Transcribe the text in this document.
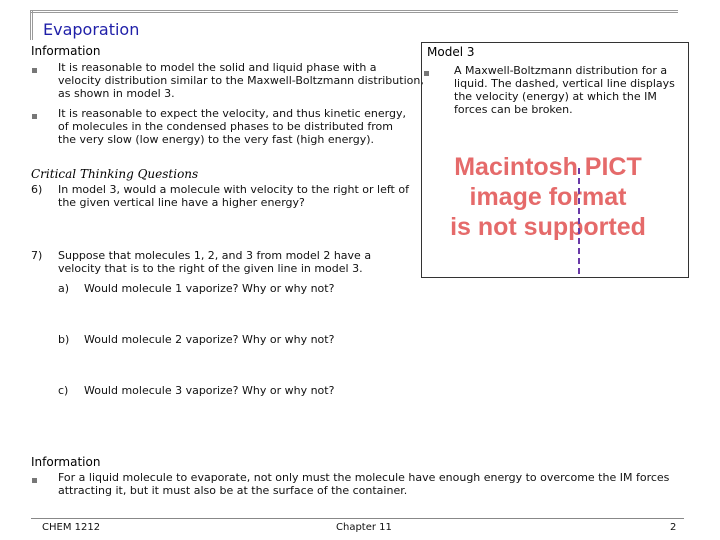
Evaporation
Information
It is reasonable to model the solid and liquid phase with a
velocity distribution similar to the Maxwell-Boltzmann distribution,
as shown in model 3.
It is reasonable to expect the velocity, and thus kinetic energy,
of molecules in the condensed phases to be distributed from
the very slow (low energy) to the very fast (high energy).
Critical Thinking Questions
6) In model 3, would a molecule with velocity to the right or left of
the given vertical line have a higher energy?
7) Suppose that molecules 1, 2, and 3 from model 2 have a
velocity that is to the right of the given line in model 3.
a) Would molecule 1 vaporize? Why or why not?
b) Would molecule 2 vaporize? Why or why not?
c) Would molecule 3 vaporize? Why or why not?
Model 3
A Maxwell-Boltzmann distribution for a
liquid. The dashed, vertical line displays
the velocity (energy) at which the IM
forces can be broken.
Macintosh PICT
image format
is not supported
Information
For a liquid molecule to evaporate, not only must the molecule have enough energy to overcome the IM forces
attracting it, but it must also be at the surface of the container.
CHEM 1212	Chapter 11	2
